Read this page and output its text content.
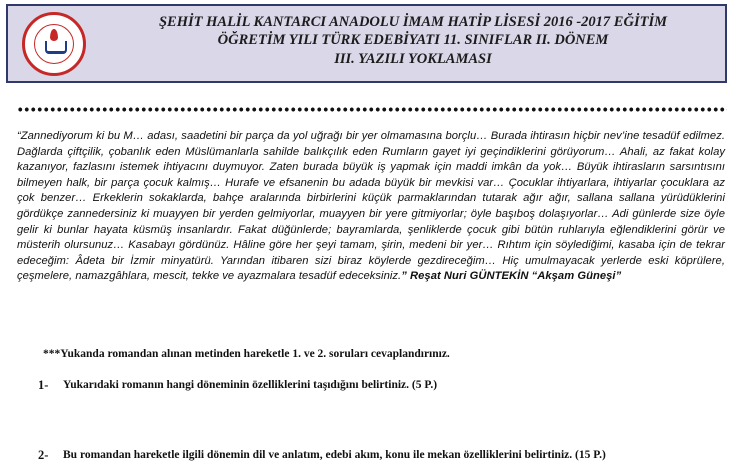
ŞEHİT HALİL KANTARCI ANADOLU İMAM HATİP LİSESİ 2016 -2017 EĞİTİM
ÖĞRETİM YILI TÜRK EDEBİYATI 11. SINIFLAR II. DÖNEM
III. YAZILI YOKLAMASI
“Zannediyorum ki bu M… adası, saadetini bir parça da yol uğrağı bir yer olmamasına borçlu… Burada ihtirasın hiçbir nev’ine tesadüf edilmez. Dağlarda çiftçilik, çobanlık eden Müslümanlarla sahilde balıkçılık eden Rumların gayet iyi geçindiklerini görüyorum… Ahali, az fakat kolay kazanıyor, fazlasını istemek ihtiyacını duymuyor. Zaten burada büyük iş yapmak için maddi imkân da yok… Büyük ihtirasların sarsıntısını bilmeyen halk, bir parça çocuk kalmış… Hurafe ve efsanenin bu adada büyük bir mevkisi var… Çocuklar ihtiyarlara, ihtiyarlar çocuklara az çok benzer… Erkeklerin sokaklarda, bahçe aralarında birbirlerini küçük parmaklarından tutarak ağır ağır, sallana sallana yürüdüklerini gördükçe zannedersiniz ki muayyen bir yerden gelmiyorlar, muayyen bir yere gitmiyorlar; öyle başıboş dolaşıyorlar… Adi günlerde size öyle gelir ki bunlar hayata küsmüş insanlardır. Fakat düğünlerde; bayramlarda, şenliklerde çocuk gibi bütün ruhlarıyla eğlendiklerini görür ve müsterih olursunuz… Kasabayı gördünüz. Hâline göre her şeyi tamam, şirin, medeni bir yer… Rıhtım için söylediğimi, kasaba için de tekrar edeceğim: Âdeta bir İzmir minyatürü. Yarından itibaren sizi biraz köylerde gezdireceğim… Hiç umulmayacak yerlerde eski köprülere, çeşmelere, namazgâhlara, mescit, tekke ve ayazmalara tesadüf edeceksiniz.” Reşat Nuri GÜNTEKİN “Akşam Güneşi”
***Yukanda romandan alınan metinden hareketle 1. ve 2. soruları cevaplandırınız.
1- Yukarıdaki romanın hangi döneminin özelliklerini taşıdığını belirtiniz. (5 P.)
2- Bu romandan hareketle ilgili dönemin dil ve anlatım, edebi akım, konu ile mekan özelliklerini belirtiniz. (15 P.)
